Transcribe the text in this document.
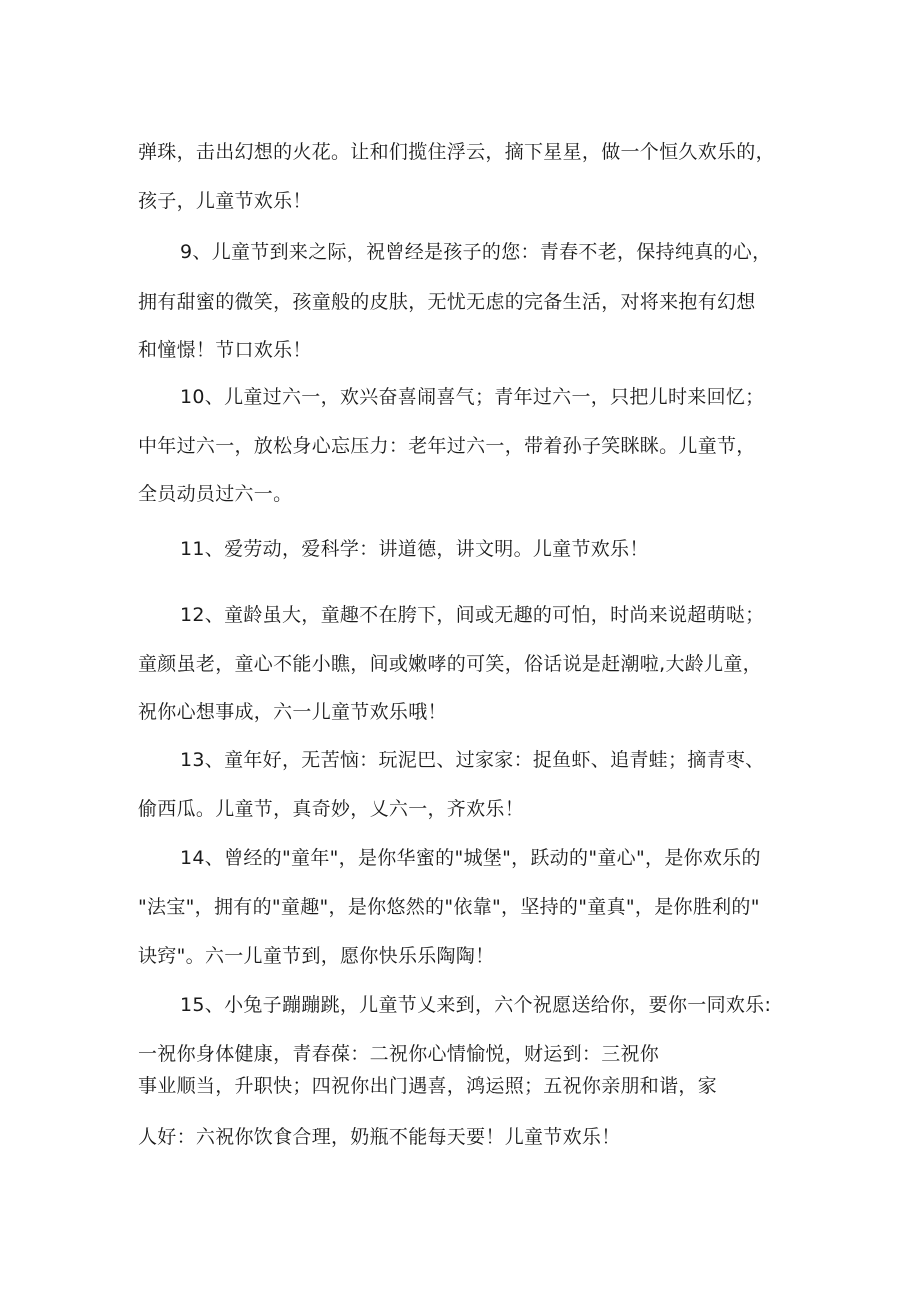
弹珠，击出幻想的火花。让和们揽住浮云，摘下星星，做一个恒久欢乐的，
孩子，儿童节欢乐！
9、儿童节到来之际，祝曾经是孩子的您：青春不老，保持纯真的心，
拥有甜蜜的微笑，孩童般的皮肤，无忧无虑的完备生活，对将来抱有幻想
和憧憬！节口欢乐！
10、儿童过六一，欢兴奋喜闹喜气；青年过六一，只把儿时来回忆；
中年过六一，放松身心忘压力：老年过六一，带着孙子笑眯眯。儿童节，
全员动员过六一。
11、爱劳动，爱科学：讲道德，讲文明。儿童节欢乐！
12、童龄虽大，童趣不在胯下，间或无趣的可怕，时尚来说超萌哒；
童颜虽老，童心不能小瞧，间或嫩哮的可笑，俗话说是赶潮啦,大龄儿童，
祝你心想事成，六一儿童节欢乐哦！
13、童年好，无苦恼：玩泥巴、过家家：捉鱼虾、追青蛙；摘青枣、
偷西瓜。儿童节，真奇妙，乂六一，齐欢乐！
14、曾经的"童年"，是你华蜜的"城堡"，跃动的"童心"，是你欢乐的
"法宝"，拥有的"童趣"，是你悠然的"依靠"，坚持的"童真"，是你胜利的"
诀窍"。六一儿童节到，愿你快乐乐陶陶！
15、小兔子蹦蹦跳，儿童节乂来到，六个祝愿送给你，要你一同欢乐:
一祝你身体健康，青春葆：二祝你心情愉悦，财运到：三祝你
事业顺当，升职快；四祝你出门遇喜，鸿运照；五祝你亲朋和谐，家
人好：六祝你饮食合理，奶瓶不能每天要！儿童节欢乐！
